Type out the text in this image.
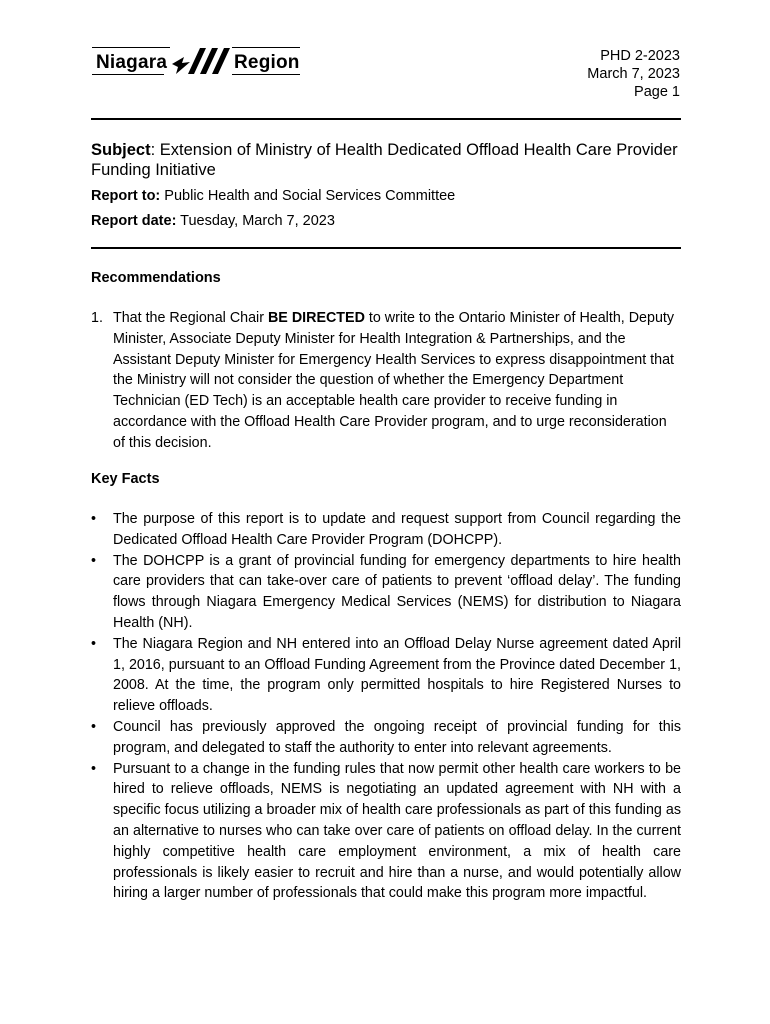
Niagara	Region	PHD 2-2023
March 7, 2023
Page 1
Subject: Extension of Ministry of Health Dedicated Offload Health Care Provider Funding Initiative
Report to: Public Health and Social Services Committee
Report date: Tuesday, March 7, 2023
Recommendations
1. That the Regional Chair BE DIRECTED to write to the Ontario Minister of Health, Deputy Minister, Associate Deputy Minister for Health Integration & Partnerships, and the Assistant Deputy Minister for Emergency Health Services to express disappointment that the Ministry will not consider the question of whether the Emergency Department Technician (ED Tech) is an acceptable health care provider to receive funding in accordance with the Offload Health Care Provider program, and to urge reconsideration of this decision.
Key Facts
• The purpose of this report is to update and request support from Council regarding the Dedicated Offload Health Care Provider Program (DOHCPP).
• The DOHCPP is a grant of provincial funding for emergency departments to hire health care providers that can take-over care of patients to prevent ‘offload delay’. The funding flows through Niagara Emergency Medical Services (NEMS) for distribution to Niagara Health (NH).
• The Niagara Region and NH entered into an Offload Delay Nurse agreement dated April 1, 2016, pursuant to an Offload Funding Agreement from the Province dated December 1, 2008. At the time, the program only permitted hospitals to hire Registered Nurses to relieve offloads.
• Council has previously approved the ongoing receipt of provincial funding for this program, and delegated to staff the authority to enter into relevant agreements.
• Pursuant to a change in the funding rules that now permit other health care workers to be hired to relieve offloads, NEMS is negotiating an updated agreement with NH with a specific focus utilizing a broader mix of health care professionals as part of this funding as an alternative to nurses who can take over care of patients on offload delay. In the current highly competitive health care employment environment, a mix of health care professionals is likely easier to recruit and hire than a nurse, and would potentially allow hiring a larger number of professionals that could make this program more impactful.
